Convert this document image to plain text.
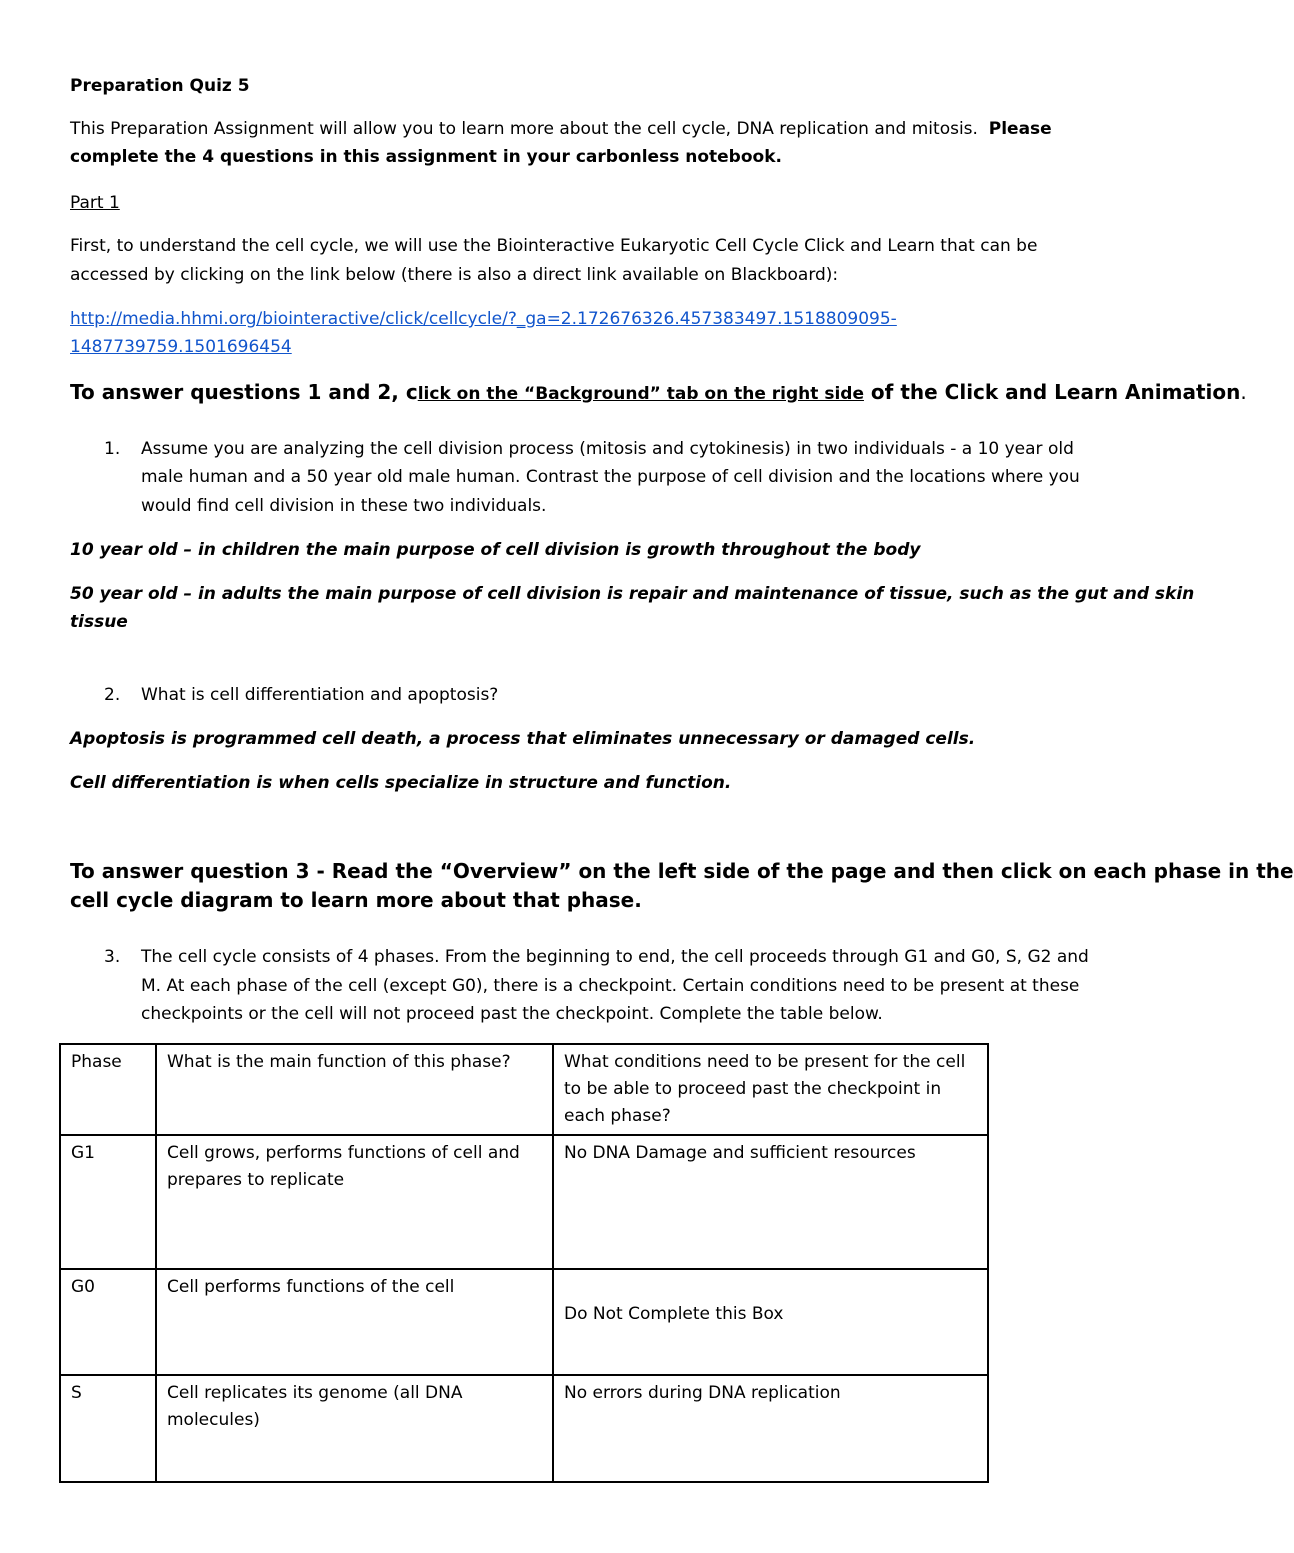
Preparation Quiz 5
This Preparation Assignment will allow you to learn more about the cell cycle, DNA replication and mitosis. Please
complete the 4 questions in this assignment in your carbonless notebook.
Part 1
First, to understand the cell cycle, we will use the Biointeractive Eukaryotic Cell Cycle Click and Learn that can be
accessed by clicking on the link below (there is also a direct link available on Blackboard):
http://media.hhmi.org/biointeractive/click/cellcycle/?_ga=2.172676326.457383497.1518809095-
1487739759.1501696454
To answer questions 1 and 2, click on the “Background” tab on the right side of the Click and Learn Animation.
1. Assume you are analyzing the cell division process (mitosis and cytokinesis) in two individuals - a 10 year old
male human and a 50 year old male human. Contrast the purpose of cell division and the locations where you
would find cell division in these two individuals.
10 year old – in children the main purpose of cell division is growth throughout the body
50 year old – in adults the main purpose of cell division is repair and maintenance of tissue, such as the gut and skin
tissue
2. What is cell differentiation and apoptosis?
Apoptosis is programmed cell death, a process that eliminates unnecessary or damaged cells.
Cell differentiation is when cells specialize in structure and function.
To answer question 3 - Read the “Overview” on the left side of the page and then click on each phase in the
cell cycle diagram to learn more about that phase.
3. The cell cycle consists of 4 phases. From the beginning to end, the cell proceeds through G1 and G0, S, G2 and
M. At each phase of the cell (except G0), there is a checkpoint. Certain conditions need to be present at these
checkpoints or the cell will not proceed past the checkpoint. Complete the table below.
Phase	What is the main function of this phase?	What conditions need to be present for the cell to be able to proceed past the checkpoint in each phase?
G1	Cell grows, performs functions of cell and prepares to replicate	No DNA Damage and sufficient resources
G0	Cell performs functions of the cell	Do Not Complete this Box
S	Cell replicates its genome (all DNA molecules)	No errors during DNA replication
